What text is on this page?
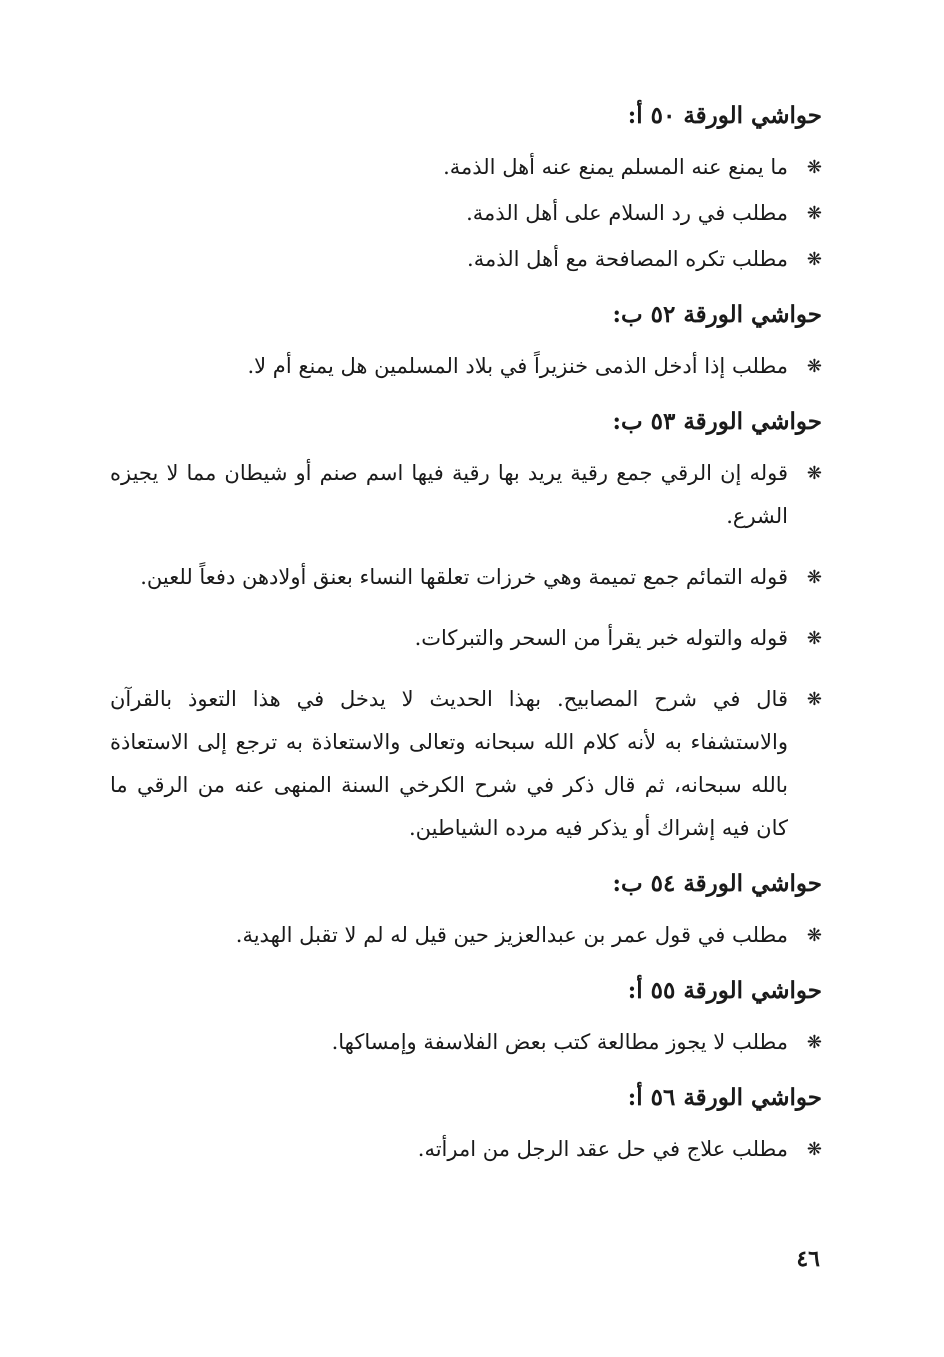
حواشي الورقة ٥٠ أ:
❋
ما يمنع عنه المسلم يمنع عنه أهل الذمة.
❋
مطلب في رد السلام على أهل الذمة.
❋
مطلب تكره المصافحة مع أهل الذمة.
حواشي الورقة ٥٢ ب:
❋
مطلب إذا أدخل الذمى خنزيراً في بلاد المسلمين هل يمنع أم لا.
حواشي الورقة ٥٣ ب:
❋
قوله إن الرقي جمع رقية يريد بها رقية فيها اسم صنم أو شيطان مما لا يجيزه الشرع.
❋
قوله التمائم جمع تميمة وهي خرزات تعلقها النساء بعنق أولادهن دفعاً للعين.
❋
قوله والتوله خبر يقرأ من السحر والتبركات.
❋
قال في شرح المصابيح. بهذا الحديث لا يدخل في هذا التعوذ بالقرآن والاستشفاء به لأنه كلام الله سبحانه وتعالى والاستعاذة به ترجع إلى الاستعاذة بالله سبحانه، ثم قال ذكر في شرح الكرخي السنة المنهى عنه من الرقي ما كان فيه إشراك أو يذكر فيه مرده الشياطين.
حواشي الورقة ٥٤ ب:
❋
مطلب في قول عمر بن عبدالعزيز حين قيل له لم لا تقبل الهدية.
حواشي الورقة ٥٥ أ:
❋
مطلب لا يجوز مطالعة كتب بعض الفلاسفة وإمساكها.
حواشي الورقة ٥٦ أ:
❋
مطلب علاج في حل عقد الرجل من امرأته.
٤٦
